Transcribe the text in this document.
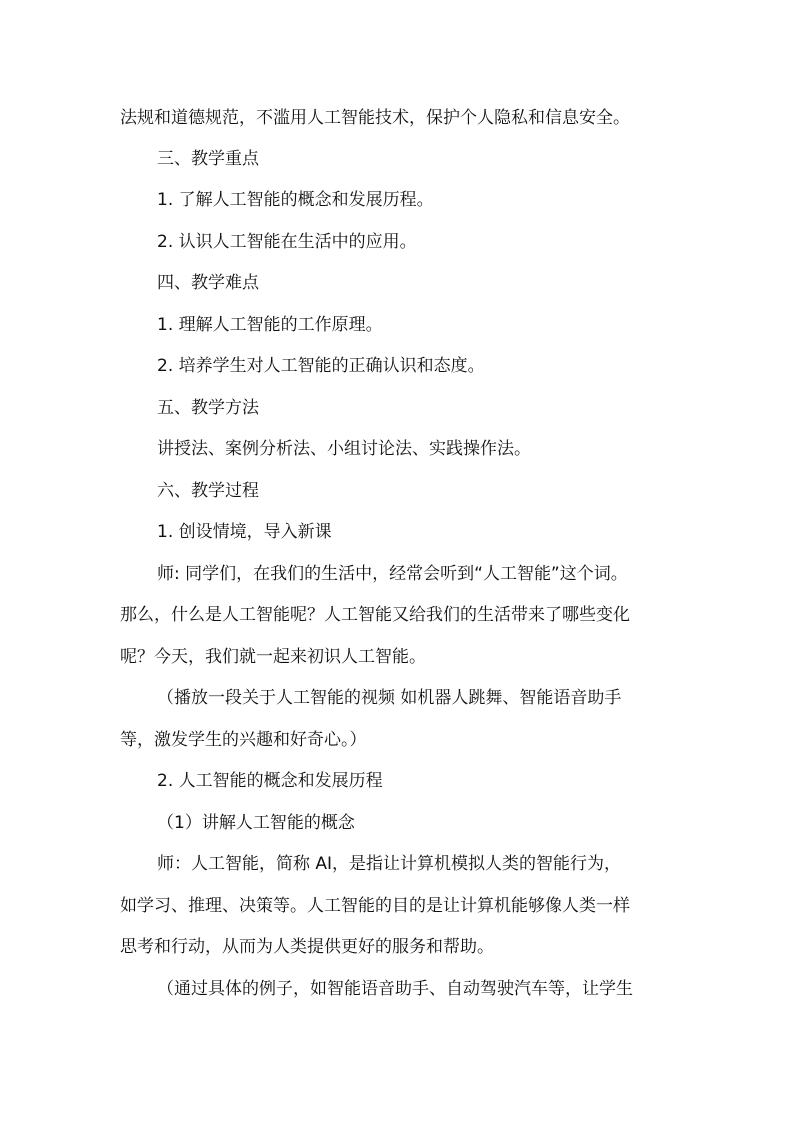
法规和道德规范，不滥用人工智能技术，保护个人隐私和信息安全。

三、教学重点

1. 了解人工智能的概念和发展历程。

2. 认识人工智能在生活中的应用。

四、教学难点

1. 理解人工智能的工作原理。

2. 培养学生对人工智能的正确认识和态度。

五、教学方法

讲授法、案例分析法、小组讨论法、实践操作法。

六、教学过程

1. 创设情境，导入新课

师: 同学们，在我们的生活中，经常会听到“人工智能”这个词。

那么，什么是人工智能呢？人工智能又给我们的生活带来了哪些变化

呢？今天，我们就一起来初识人工智能。

（播放一段关于人工智能的视频 如机器人跳舞、智能语音助手

等，激发学生的兴趣和好奇心。）

2. 人工智能的概念和发展历程

（1）讲解人工智能的概念

师：人工智能，简称 AI，是指让计算机模拟人类的智能行为，

如学习、推理、决策等。人工智能的目的是让计算机能够像人类一样

思考和行动，从而为人类提供更好的服务和帮助。

（通过具体的例子，如智能语音助手、自动驾驶汽车等，让学生
